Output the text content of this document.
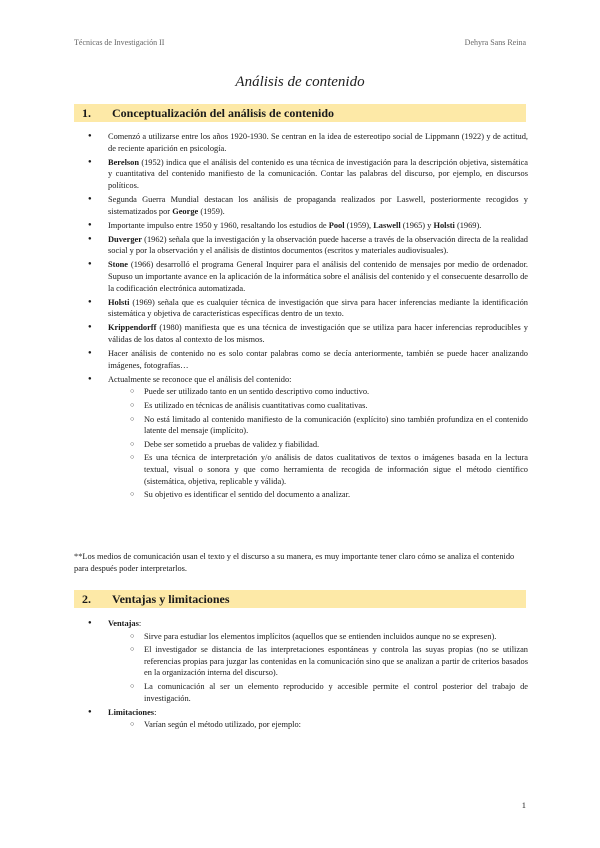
Técnicas de Investigación II	Dehyra Sans Reina
Análisis de contenido
1. Conceptualización del análisis de contenido
● Comenzó a utilizarse entre los años 1920-1930. Se centran en la idea de estereotipo social de Lippmann (1922) y de actitud, de reciente aparición en psicología.
● Berelson (1952) indica que el análisis del contenido es una técnica de investigación para la descripción objetiva, sistemática y cuantitativa del contenido manifiesto de la comunicación. Contar las palabras del discurso, por ejemplo, en discursos políticos.
● Segunda Guerra Mundial destacan los análisis de propaganda realizados por Laswell, posteriormente recogidos y sistematizados por George (1959).
● Importante impulso entre 1950 y 1960, resaltando los estudios de Pool (1959), Laswell (1965) y Holsti (1969).
● Duverger (1962) señala que la investigación y la observación puede hacerse a través de la observación directa de la realidad social y por la observación y el análisis de distintos documentos (escritos y materiales audiovisuales).
● Stone (1966) desarrolló el programa General Inquirer para el análisis del contenido de mensajes por medio de ordenador. Supuso un importante avance en la aplicación de la informática sobre el análisis del contenido y el consecuente desarrollo de la codificación electrónica automatizada.
● Holsti (1969) señala que es cualquier técnica de investigación que sirva para hacer inferencias mediante la identificación sistemática y objetiva de características específicas dentro de un texto.
● Krippendorff (1980) manifiesta que es una técnica de investigación que se utiliza para hacer inferencias reproducibles y válidas de los datos al contexto de los mismos.
● Hacer análisis de contenido no es solo contar palabras como se decía anteriormente, también se puede hacer analizando imágenes, fotografías…
● Actualmente se reconoce que el análisis del contenido:
○ Puede ser utilizado tanto en un sentido descriptivo como inductivo.
○ Es utilizado en técnicas de análisis cuantitativas como cualitativas.
○ No está limitado al contenido manifiesto de la comunicación (explícito) sino también profundiza en el contenido latente del mensaje (implícito).
○ Debe ser sometido a pruebas de validez y fiabilidad.
○ Es una técnica de interpretación y/o análisis de datos cualitativos de textos o imágenes basada en la lectura textual, visual o sonora y que como herramienta de recogida de información sigue el método científico (sistemática, objetiva, replicable y válida).
○ Su objetivo es identificar el sentido del documento a analizar.
**Los medios de comunicación usan el texto y el discurso a su manera, es muy importante tener claro cómo se analiza el contenido para después poder interpretarlos.
2. Ventajas y limitaciones
● Ventajas:
○ Sirve para estudiar los elementos implícitos (aquellos que se entienden incluidos aunque no se expresen).
○ El investigador se distancia de las interpretaciones espontáneas y controla las suyas propias (no se utilizan referencias propias para juzgar las contenidas en la comunicación sino que se analizan a partir de criterios basados en la organización interna del discurso).
○ La comunicación al ser un elemento reproducido y accesible permite el control posterior del trabajo de investigación.
● Limitaciones:
○ Varían según el método utilizado, por ejemplo:
1
